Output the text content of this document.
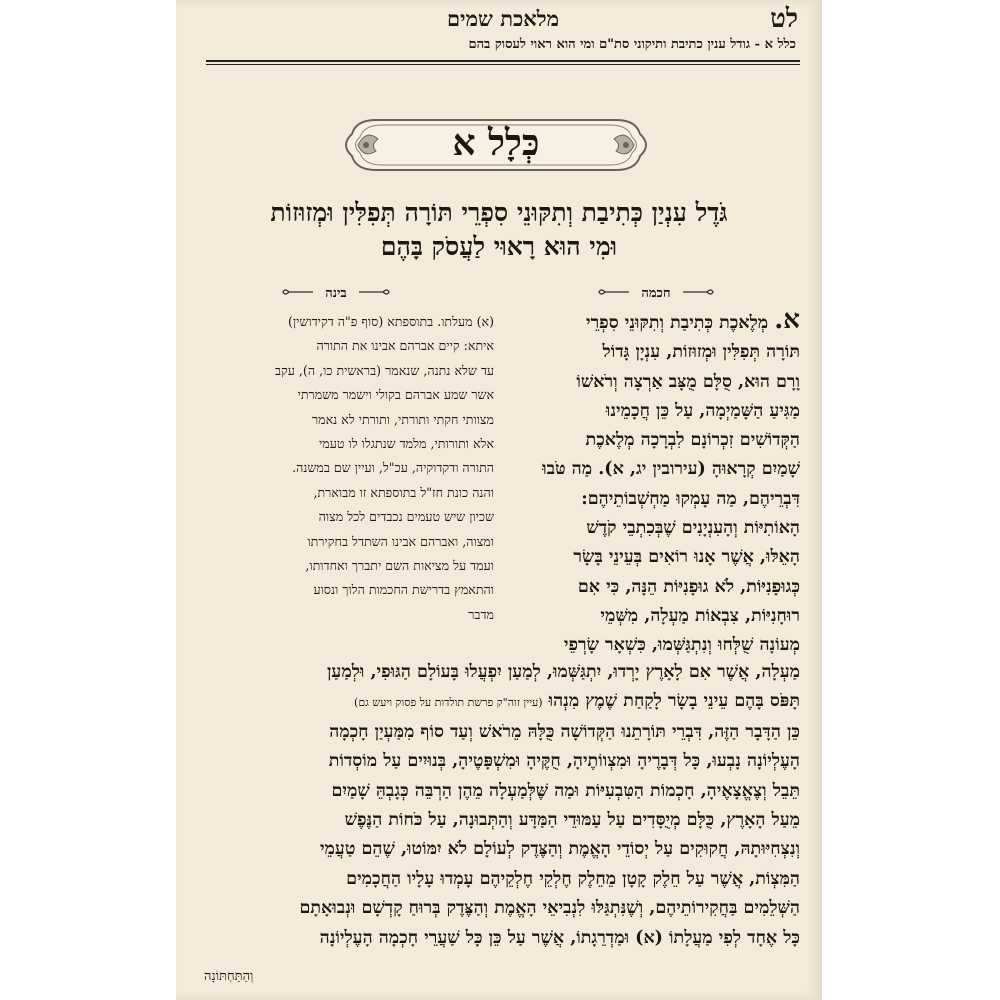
מלאכת שמים	לט
כלל א - גודל ענין כתיבת ותיקוני סת"ם ומי הוא ראוי לעסוק בהם
כְּלָל א
גֹּדֶל עִנְיַן כְּתִיבַת וְתִקּוּנֵי סִפְרֵי תּוֹרָה תְּפִלִּין וּמְזוּזוֹת
וּמִי הוּא רָאוּי לַעֲסֹק בָּהֶם
חכמה
בינה
א. מְלֶאכֶת כְּתִיבַת וְתִקּוּנֵי סִפְרֵי
תּוֹרָה תְּפִלִּין וּמְזוּזוֹת, עִנְיָן גָּדוֹל
וָרָם הוּא, סֻלָּם מֻצָּב אַרְצָה וְרֹאשׁוֹ
מַגִּיעַ הַשָּׁמַיְמָה, עַל כֵּן חֲכָמֵינוּ
הַקְּדוֹשִׁים זִכְרוֹנָם לִבְרָכָה מְלֶאכֶת
שָׁמַיִם קְרָאוּהָ (עירובין יג, א). מַה טֹּבוּ
דִּבְרֵיהֶם, מַה עָמְקוּ מַחְשְׁבוֹתֵיהֶם:
הָאוֹתִיּוֹת וְהָעִנְיָנִים שֶׁבְּכִתְבֵי קֹדֶשׁ
הָאֵלּוּ, אֲשֶׁר אָנוּ רוֹאִים בְּעֵינֵי בָּשָׂר
כְּגוּפָנִיּוֹת, לֹא גוּפָנִיּוֹת הֵנָּה, כִּי אִם
רוּחָנִיּוֹת, צִבְאוֹת מַעְלָה, מִשְּׁמֵי
מְעוֹנָה שֻׁלְּחוּ וְנִתְגַּשְּׁמוּ, כִּשְׁאָר שָׂרְפֵי
(א) מעלתו. בתוספתא (סוף פ"ה דקידושין)
איתא: קיים אברהם אבינו את התורה
עד שלא נתנה, שנאמר (בראשית כו, ה), עקב
אשר שמע אברהם בקולי וישמר משמרתי
מצוותי חקתי ותורתי, ותורתי לא נאמר
אלא ותורותי, מלמד שנתגלו לו טעמי
התורה ודקדוקיה, עכ"ל, ועיין שם במשנה.
והנה כונת חז"ל בתוספתא זו מבוארת,
שכיון שיש טעמים נכבדים לכל מצוה
ומצוה, ואברהם אבינו השתדל בחקירתו
ועמד על מציאות השם יתברך ואחדותו,
והתאמץ בדרישת החכמות הלוך ונסוע
מדבר
מַעְלָה, אֲשֶׁר אִם לָאָרֶץ יָרְדוּ, יִתְגַּשְּׁמוּ, לְמַעַן יִפְעֲלוּ בָּעוֹלָם הַגּוּפִי, וּלְמַעַן
תָּפֹּס בָּהֶם עֵינֵי בָשָׂר לָקַחַת שֶׁמֶץ מִנְהוּ (עיין זוה"ק פרשת תולדות על פסוק ויעש גם)
כֵּן הַדָּבָר הַזֶּה, דִּבְרֵי תּוֹרָתֵנוּ הַקְּדוֹשָׁה כֻּלָּהּ מֵרֹאשׁ וְעַד סוֹף מִמַּעְיַן חָכְמָה
הָעֶלְיוֹנָה נָבְעוּ, כָּל דְּבָרֶיהָ וּמִצְווֹתֶיהָ, חֻקֶּיהָ וּמִשְׁפָּטֶיהָ, בְּנוּיִים עַל מוֹסְדוֹת
תֵּבֵל וְצֶאֱצָאֶיהָ, חָכְמוֹת הַטִּבְעִיּוֹת וּמַה שֶּׁלְּמַעְלָה מֵהֶן הַרְבֵּה כְּגָבְהֵּ שָׁמַיִם
מֵעַל הָאָרֶץ, כֻּלָּם מְיֻסָּדִים עַל עַמּוּדֵי הַמַּדָּע וְהַתְּבוּנָה, עַל כֹּחוֹת הַנֶּפֶשׁ
וְנִצְחִיּוּתָהּ, חֲקוּקִים עַל יְסוֹדֵי הָאֱמֶת וְהַצֶּדֶק לְעוֹלָם לֹא יִמּוֹטוּ, שֶׁהֵם טַעֲמֵי
הַמִּצְוֹת, אֲשֶׁר עַל חֵלֶק קָטָן מֵחֵלֶק חֶלְקֵי חֶלְקֵיהֶם עָמְדוּ עָלָיו הַחֲכָמִים
הַשְּׁלֵמִים בַּחֲקִירוֹתֵיהֶם, וְשֶׁנִּתְגַּלּוּ לִנְבִיאֵי הָאֱמֶת וְהַצֶּדֶק בְּרוּחַ קָדְשָׁם וּנְבוּאָתָם
כָּל אֶחָד לְפִי מַעֲלָתוֹ (א) וּמַדְרֵגָתוֹ, אֲשֶׁר עַל כֵּן כָּל שַׁעֲרֵי חָכְמָה הָעֶלְיוֹנָה
וְהַתַּחְתּוֹנָה
